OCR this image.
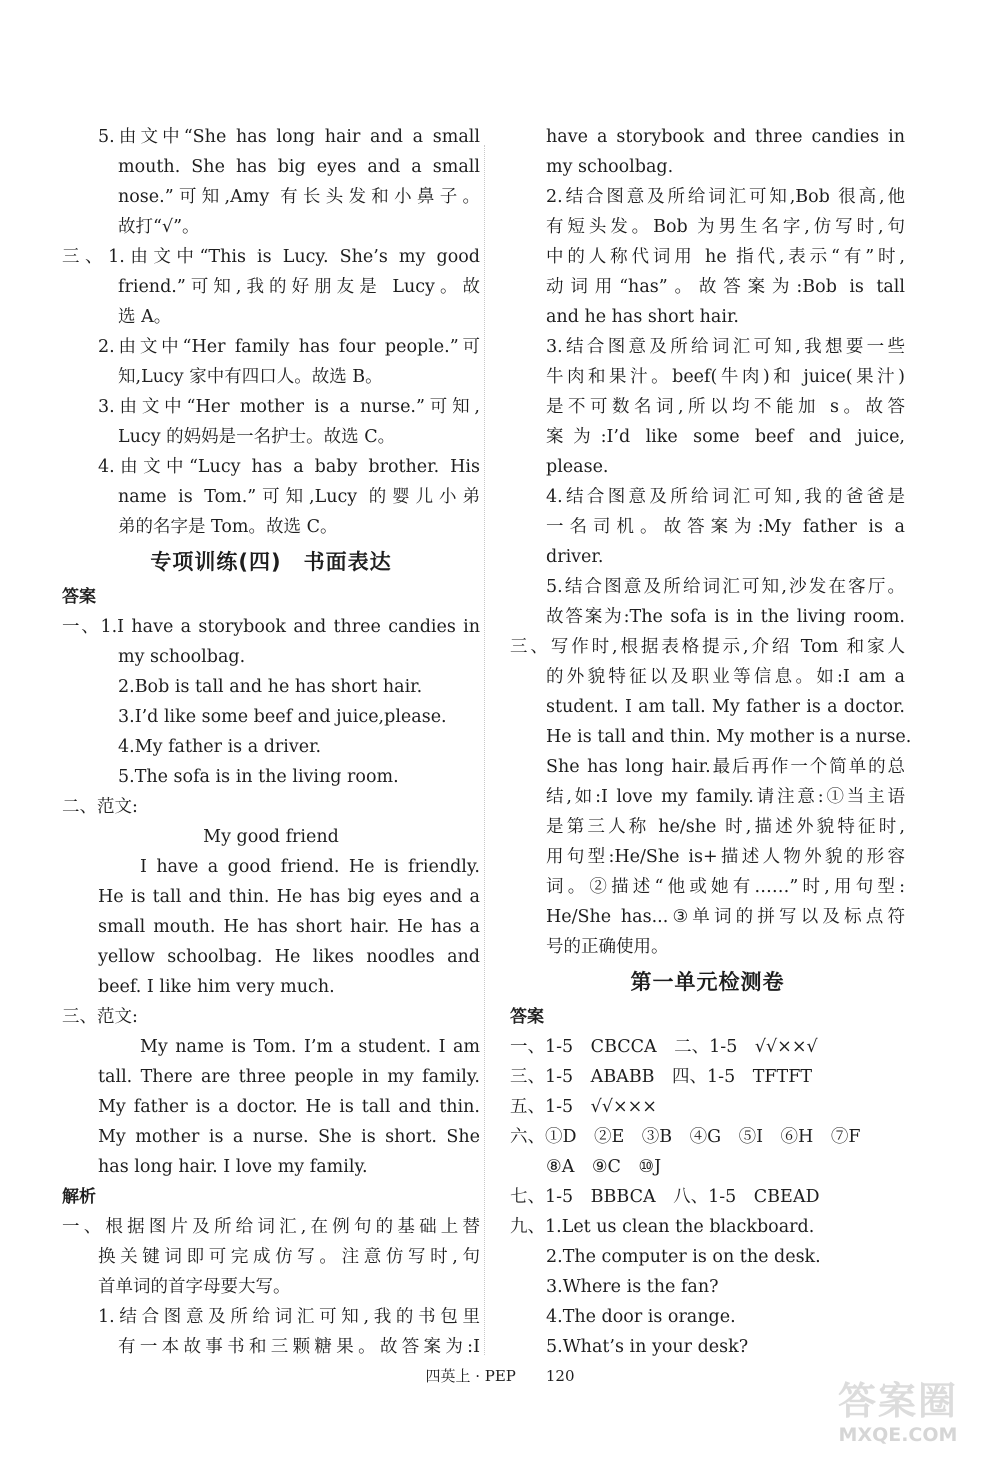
5.由文中“She has long hair and a small
mouth. She has big eyes and a small
nose.”可知,Amy 有长头发和小鼻子。
故打“√”。
三、1.由文中“This is Lucy. She’s my good
friend.”可知,我的好朋友是 Lucy。故
选 A。
2.由文中“Her family has four people.”可
知,Lucy 家中有四口人。故选 B。
3.由文中“Her mother is a nurse.”可知,
Lucy 的妈妈是一名护士。故选 C。
4.由文中“Lucy has a baby brother. His
name is Tom.”可知,Lucy 的婴儿小弟
弟的名字是 Tom。故选 C。
专项训练(四)　书面表达
答案
一、1.I have a storybook and three candies in
my schoolbag.
2.Bob is tall and he has short hair.
3.I’d like some beef and juice,please.
4.My father is a driver.
5.The sofa is in the living room.
二、范文:
My good friend
I have a good friend. He is friendly.
He is tall and thin. He has big eyes and a
small mouth. He has short hair. He has a
yellow schoolbag. He likes noodles and
beef. I like him very much.
三、范文:
My name is Tom. I’m a student. I am
tall. There are three people in my family.
My father is a doctor. He is tall and thin.
My mother is a nurse. She is short. She
has long hair. I love my family.
解析
一、根据图片及所给词汇,在例句的基础上替
换关键词即可完成仿写。注意仿写时,句
首单词的首字母要大写。
1.结合图意及所给词汇可知,我的书包里
有一本故事书和三颗糖果。故答案为:I
have a storybook and three candies in
my schoolbag.
2.结合图意及所给词汇可知,Bob 很高,他
有短头发。Bob 为男生名字,仿写时,句
中的人称代词用 he 指代,表示“有”时,
动词用“has”。故答案为:Bob is tall
and he has short hair.
3.结合图意及所给词汇可知,我想要一些
牛肉和果汁。beef(牛肉)和 juice(果汁)
是不可数名词,所以均不能加 s。故答
案为:I’d like some beef and juice,
please.
4.结合图意及所给词汇可知,我的爸爸是
一名司机。故答案为:My father is a
driver.
5.结合图意及所给词汇可知,沙发在客厅。
故答案为:The sofa is in the living room.
三、写作时,根据表格提示,介绍 Tom 和家人
的外貌特征以及职业等信息。如:I am a
student. I am tall. My father is a doctor.
He is tall and thin. My mother is a nurse.
She has long hair.最后再作一个简单的总
结,如:I love my family.请注意:①当主语
是第三人称 he/she 时,描述外貌特征时,
用句型:He/She is+描述人物外貌的形容
词。②描述“他或她有……”时,用句型:
He/She has...③单词的拼写以及标点符
号的正确使用。
第一单元检测卷
答案
一、1-5　CBCCA　二、1-5　√√××√
三、1-5　ABABB　四、1-5　TFTFT
五、1-5　√√×××
六、①D　②E　③B　④G　⑤I　⑥H　⑦F
⑧A　⑨C　⑩J
七、1-5　BBBCA　八、1-5　CBEAD
九、1.Let us clean the blackboard.
2.The computer is on the desk.
3.Where is the fan?
4.The door is orange.
5.What’s in your desk?
四英上 · PEP　　120
答案圈
MXQE.COM
